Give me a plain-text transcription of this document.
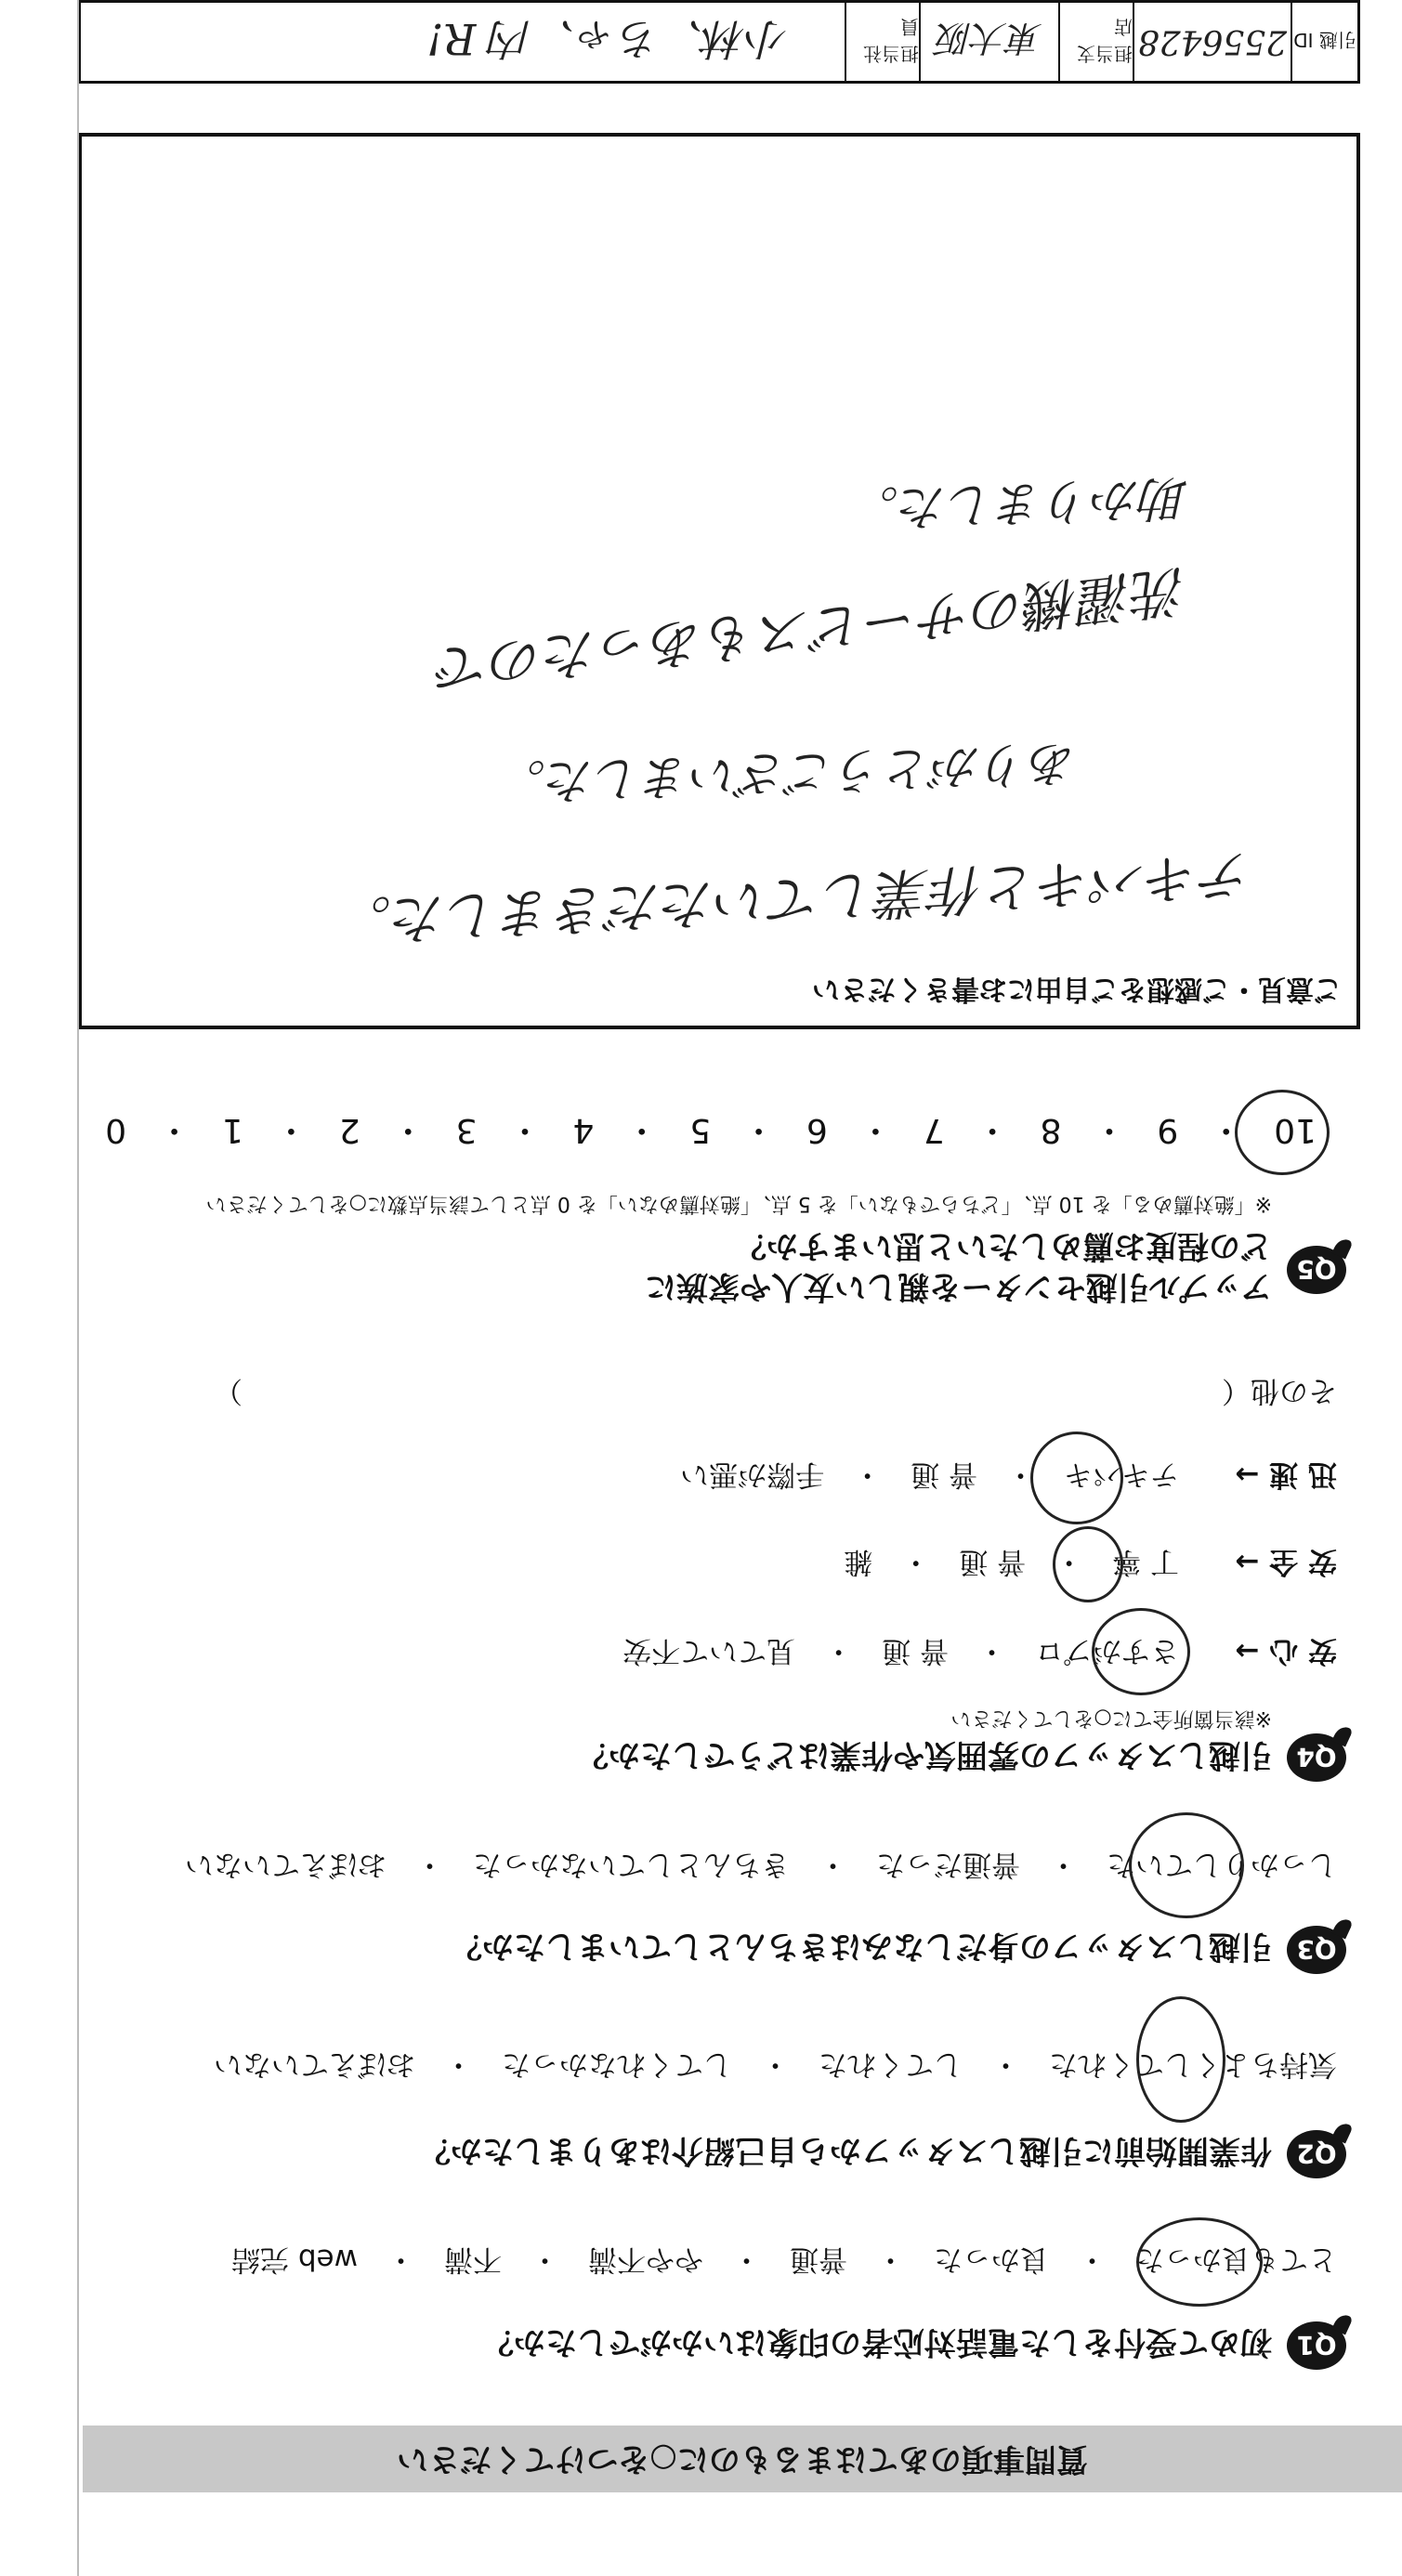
引越 ID
2556428
担当支店
東大阪
担当社員
小林、ちゃ、内 R!
ご意見・ご感想をご自由にお書きください
テキパキと作業していただきました。
ありがとうございました。
洗濯機のサービスもあったので
助かりました。
Q5
アップル引越センターを親しい友人や家族に
どの程度お薦めしたいと思いますか？
※「絶対薦める」を 10 点、「どちらでもない」を 5 点、「絶対薦めない」を 0 点として該当点数に○をしてください
10 ・ 9 ・ 8 ・ 7 ・ 6 ・ 5 ・ 4 ・ 3 ・ 2 ・ 1 ・ 0
Q4
引越しスタッフの雰囲気や作業はどうでしたか？
※該当箇所全てに○をしてください
安 心 →
さすがプロ　・　普 通　・　見ていて不安
安 全 →
丁 寧　・　普 通　・　雑
迅 速 →
テキパキ　・　普 通　・　手際が悪い
その他（　　　　　　　　　　　　　　　　　　　　　　　　　　　　　　　　　　）
Q3
引越しスタッフの身だしなみはきちんとしていましたか？
しっかりしていた　・　普通だった　・　きちんとしていなかった　・　おぼえていない
Q2
作業開始前に引越しスタッフから自己紹介はありましたか？
気持ちよくしてくれた　・　してくれた　・　してくれなかった　・　おぼえていない
Q1
初めて受付をした電話対応者の印象はいかがでしたか？
とても良かった　・　良かった　・　普通　・　やや不満　・　不満　・　web 完結
質問事項のあてはまるものに○をつけてください
